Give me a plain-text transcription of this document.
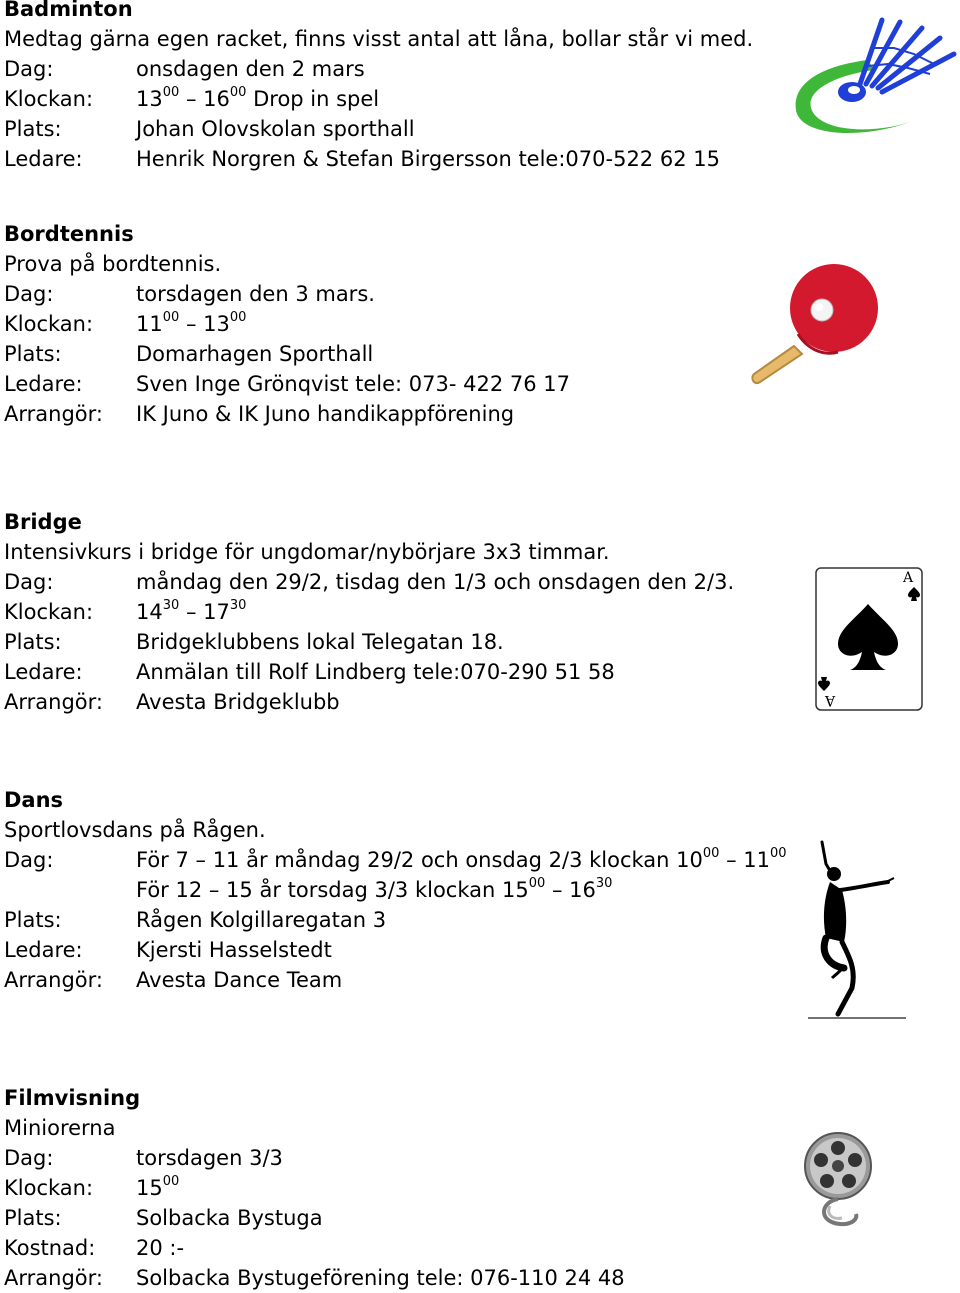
Badminton
Medtag gärna egen racket, finns visst antal att låna, bollar står vi med.
Dag:	onsdagen den 2 mars
Klockan:	$13^{00} - 16^{00}$ Drop in spel
Plats:	Johan Olovskolan sporthall
Ledare:	Henrik Norgren & Stefan Birgersson tele:070-522 62 15
Bordtennis
Prova på bordtennis.
Dag:	torsdagen den 3 mars.
Klockan:	$11^{00} - 13^{00}$
Plats:	Domarhagen Sporthall
Ledare:	Sven Inge Grönqvist tele: 073- 422 76 17
Arrangör:	IK Juno & IK Juno handikappförening
Bridge
Intensivkurs i bridge för ungdomar/nybörjare 3x3 timmar.
Dag:	måndag den 29/2, tisdag den 1/3 och onsdagen den 2/3.
Klockan:	$14^{30} - 17^{30}$
Plats:	Bridgeklubbens lokal Telegatan 18.
Ledare:	Anmälan till Rolf Lindberg tele:070-290 51 58
Arrangör:	Avesta Bridgeklubb
A
A
Dans
Sportlovsdans på Rågen.
Dag:	För 7 – 11 år måndag 29/2 och onsdag 2/3 klockan $10^{00} - 11^{00}$
För 12 – 15 år torsdag 3/3 klockan $15^{00} - 16^{30}$
Plats:	Rågen Kolgillaregatan 3
Ledare:	Kjersti Hasselstedt
Arrangör:	Avesta Dance Team
Filmvisning
Miniorerna
Dag:	torsdagen 3/3
Klockan:	$15^{00}$
Plats:	Solbacka Bystuga
Kostnad:	20 :-
Arrangör:	Solbacka Bystugeförening tele: 076-110 24 48
